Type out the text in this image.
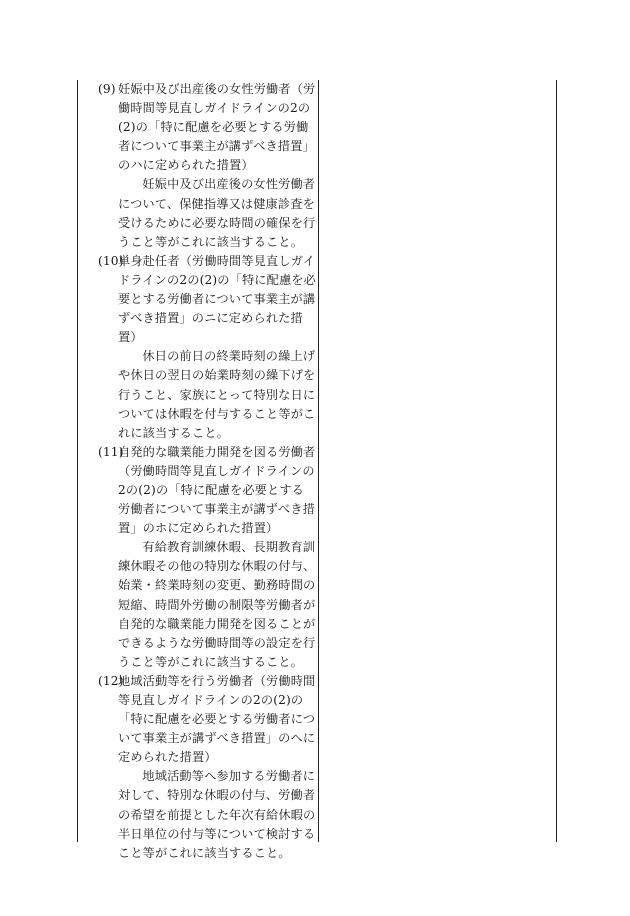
(9) 妊娠中及び出産後の女性労働者（労働時間等見直しガイドラインの2の(2)の「特に配慮を必要とする労働者について事業主が講ずべき措置」のハに定められた措置）

妊娠中及び出産後の女性労働者について、保健指導又は健康診査を受けるために必要な時間の確保を行うこと等がこれに該当すること。

(10)
単身赴任者（労働時間等見直しガイドラインの2の(2)の「特に配慮を必要とする労働者について事業主が講ずべき措置」のニに定められた措置）

休日の前日の終業時刻の繰上げや休日の翌日の始業時刻の繰下げを行うこと、家族にとって特別な日については休暇を付与すること等がこれに該当すること。

(11)
自発的な職業能力開発を図る労働者（労働時間等見直しガイドラインの2の(2)の「特に配慮を必要とする労働者について事業主が講ずべき措置」のホに定められた措置）

有給教育訓練休暇、長期教育訓練休暇その他の特別な休暇の付与、始業・終業時刻の変更、勤務時間の短縮、時間外労働の制限等労働者が自発的な職業能力開発を図ることができるような労働時間等の設定を行うこと等がこれに該当すること。

(12)
地域活動等を行う労働者（労働時間等見直しガイドラインの2の(2)の「特に配慮を必要とする労働者について事業主が講ずべき措置」のヘに定められた措置）

地域活動等へ参加する労働者に対して、特別な休暇の付与、労働者の希望を前提とした年次有給休暇の半日単位の付与等について検討すること等がこれに該当すること。
